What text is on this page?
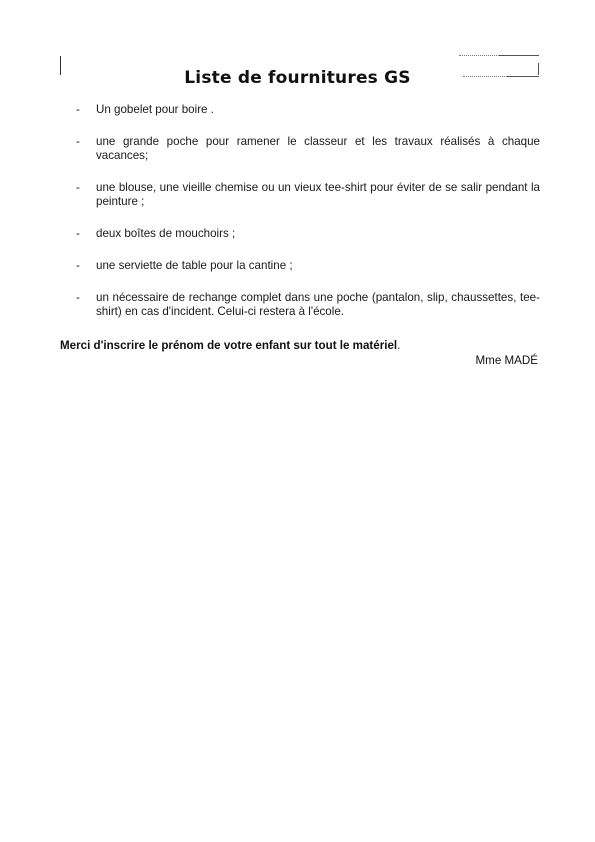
Liste de fournitures GS
- Un gobelet pour boire .
- une grande poche pour ramener le classeur et les travaux réalisés à chaque vacances;
- une blouse, une vieille chemise ou un vieux tee-shirt pour éviter de se salir pendant la peinture ;
- deux boîtes de mouchoirs ;
- une serviette de table pour la cantine ;
- un nécessaire de rechange complet dans une poche (pantalon, slip, chaussettes, tee-shirt) en cas d'incident. Celui-ci restera à l'école.

Merci d'inscrire le prénom de votre enfant sur tout le matériel.

Mme MADÉ
